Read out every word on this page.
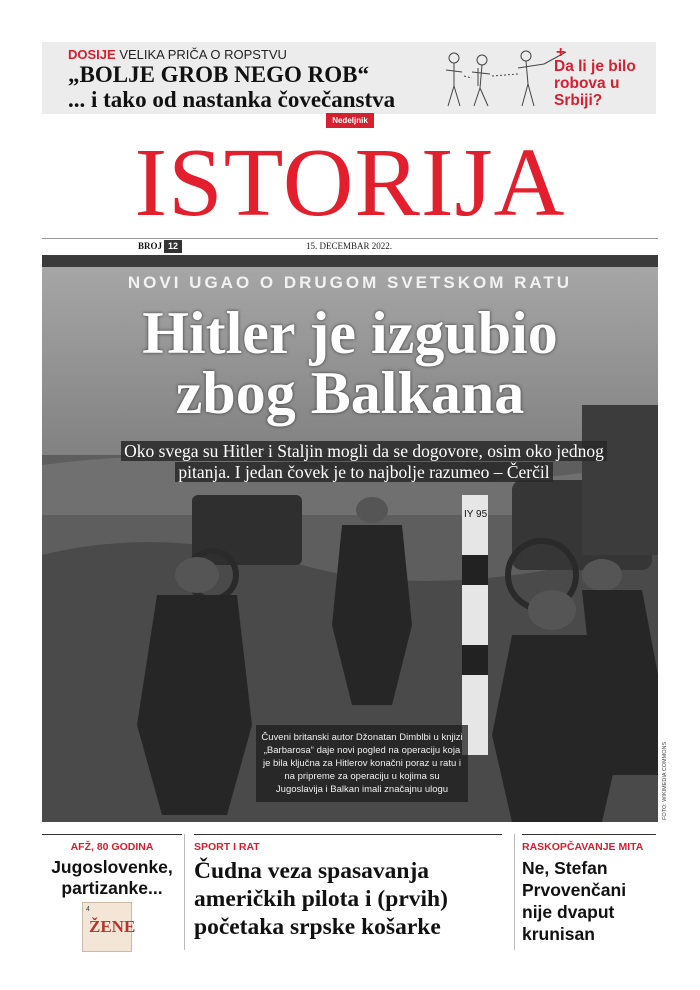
DOSIJE VELIKA PRIČA O ROPSTVU
„BOLJE GROB NEGO ROB“
... i tako od nastanka čovečanstva
+
Da li je bilo robova u Srbiji?
Nedeljnik
ISTORIJA
BROJ 12	15. DECEMBAR 2022.
IY 95
NOVI UGAO O DRUGOM SVETSKOM RATU
Hitler je izgubio
zbog Balkana
Oko svega su Hitler i Staljin mogli da se dogovore, osim oko jednog
pitanja. I jedan čovek je to najbolje razumeo – Čerčil
Čuveni britanski autor Džonatan Dimblbi u knjizi „Barbarosa“ daje novi pogled na operaciju koja je bila ključna za Hitlerov konačni poraz u ratu i na pripreme za operaciju u kojima su Jugoslavija i Balkan imali značajnu ulogu	FOTO: WIKIMEDIA COMMONS
AFŽ, 80 GODINA
Jugoslovenke, partizanke...
4
ŽENE
SPORT I RAT
Čudna veza spasavanja američkih pilota i (prvih) početaka srpske košarke
RASKOPČAVANJE MITA
Ne, Stefan Prvovenčani nije dvaput krunisan
